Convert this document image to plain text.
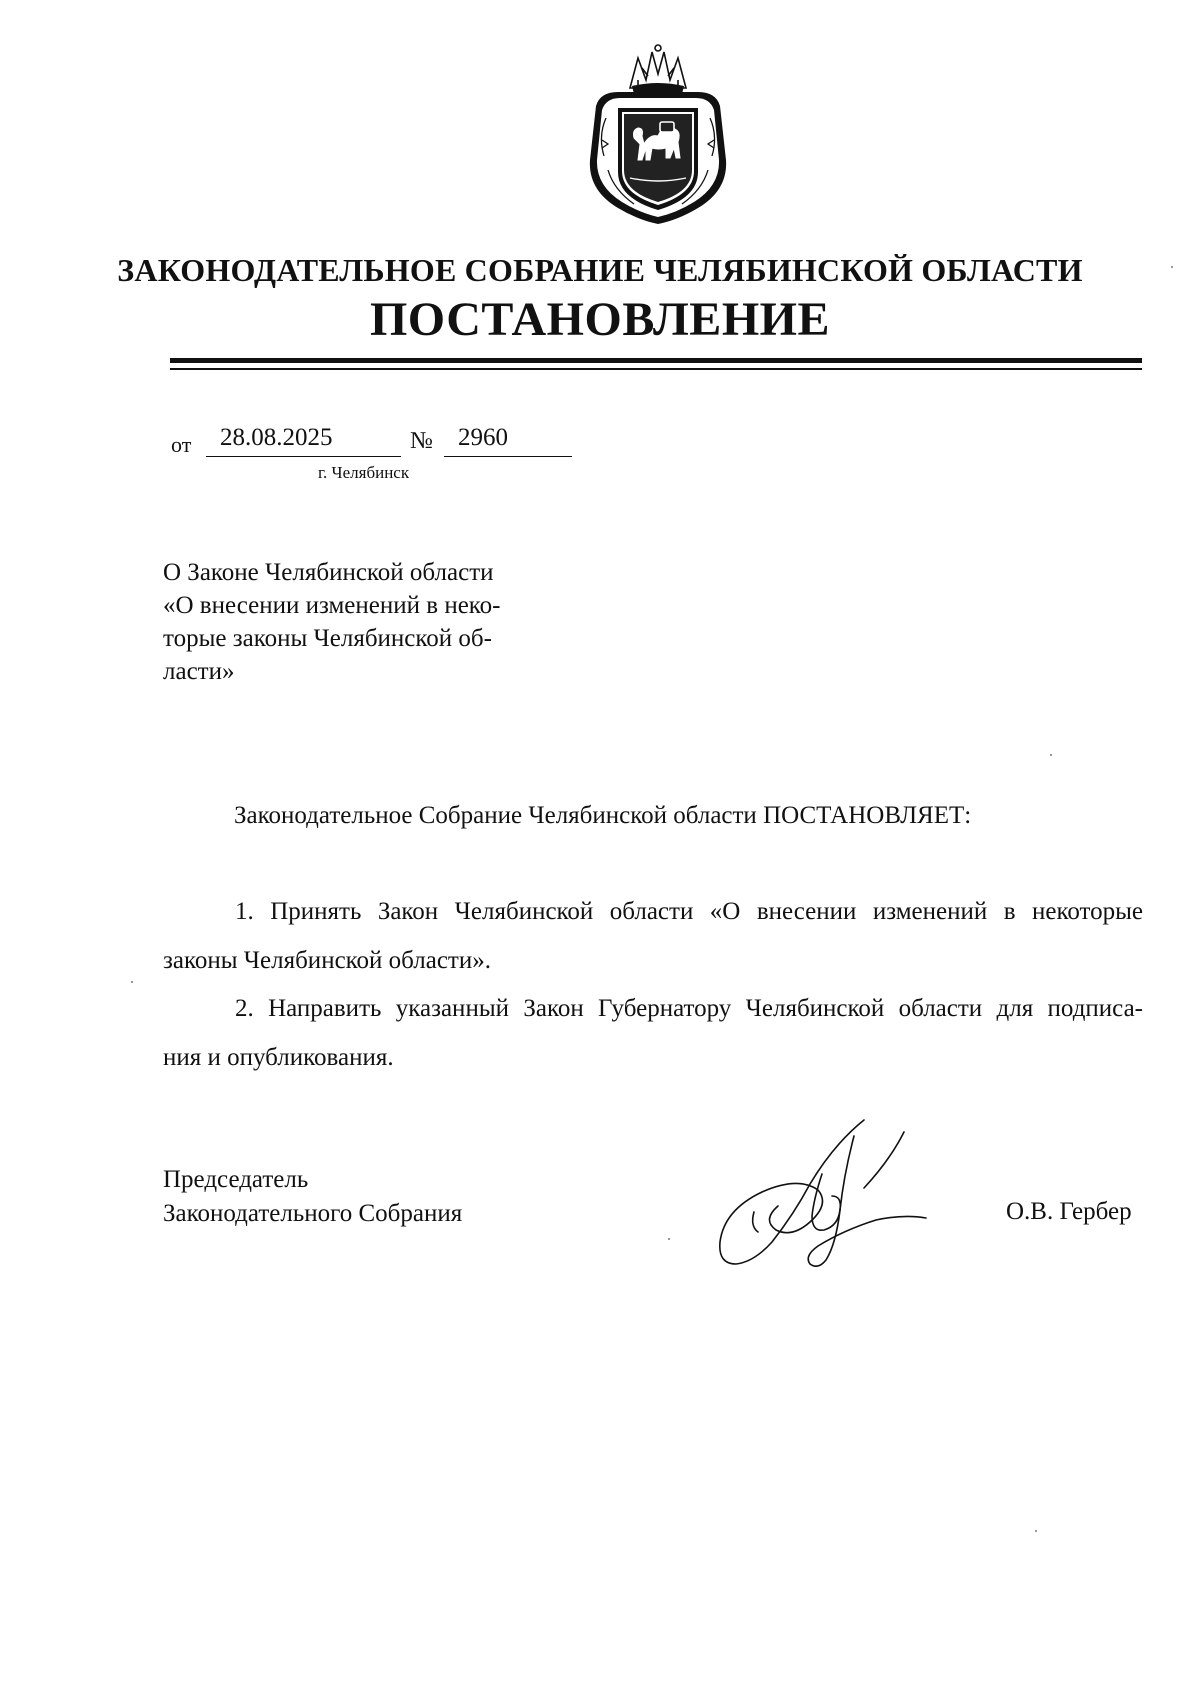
ЗАКОНОДАТЕЛЬНОЕ СОБРАНИЕ ЧЕЛЯБИНСКОЙ ОБЛАСТИ
ПОСТАНОВЛЕНИЕ
от	28.08.2025	№	2960
г. Челябинск
О Законе Челябинской области
«О внесении изменений в неко-
торые законы Челябинской об-
ласти»
Законодательное Собрание Челябинской области ПОСТАНОВЛЯЕТ:
1. Принять Закон Челябинской области «О внесении изменений в некоторые
законы Челябинской области».
2. Направить указанный Закон Губернатору Челябинской области для подписа-
ния и опубликования.
Председатель
Законодательного Собрания	О.В. Гербер
